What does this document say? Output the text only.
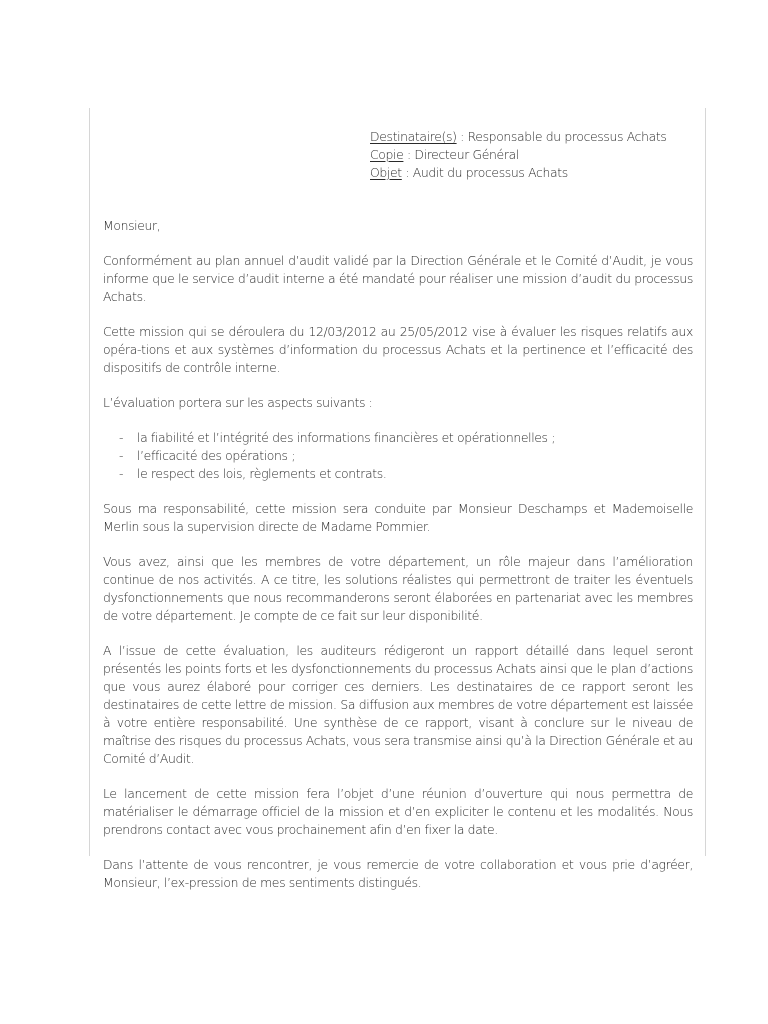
Destinataire(s) : Responsable du processus Achats
Copie : Directeur Général
Objet : Audit du processus Achats

Monsieur,

Conformément au plan annuel d’audit validé par la Direction Générale et le Comité d’Audit, je vous informe que le service d’audit interne a été mandaté pour réaliser une mission d’audit du processus Achats.

Cette mission qui se déroulera du 12/03/2012 au 25/05/2012 vise à évaluer les risques relatifs aux opéra-tions et aux systèmes d’information du processus Achats et la pertinence et l’efficacité des dispositifs de contrôle interne.

L’évaluation portera sur les aspects suivants :

- la fiabilité et l’intégrité des informations financières et opérationnelles ;
- l’efficacité des opérations ;
- le respect des lois, règlements et contrats.

Sous ma responsabilité, cette mission sera conduite par Monsieur Deschamps et Mademoiselle Merlin sous la supervision directe de Madame Pommier.

Vous avez, ainsi que les membres de votre département, un rôle majeur dans l’amélioration continue de nos activités. A ce titre, les solutions réalistes qui permettront de traiter les éventuels dysfonctionnements que nous recommanderons seront élaborées en partenariat avec les membres de votre département. Je compte de ce fait sur leur disponibilité.

A l’issue de cette évaluation, les auditeurs rédigeront un rapport détaillé dans lequel seront présentés les points forts et les dysfonctionnements du processus Achats ainsi que le plan d’actions que vous aurez élaboré pour corriger ces derniers. Les destinataires de ce rapport seront les destinataires de cette lettre de mission. Sa diffusion aux membres de votre département est laissée à votre entière responsabilité. Une synthèse de ce rapport, visant à conclure sur le niveau de maîtrise des risques du processus Achats, vous sera transmise ainsi qu’à la Direction Générale et au Comité d’Audit.

Le lancement de cette mission fera l’objet d’une réunion d’ouverture qui nous permettra de matérialiser le démarrage officiel de la mission et d’en expliciter le contenu et les modalités. Nous prendrons contact avec vous prochainement afin d’en fixer la date.

Dans l’attente de vous rencontrer, je vous remercie de votre collaboration et vous prie d’agréer, Monsieur, l’ex-pression de mes sentiments distingués.
